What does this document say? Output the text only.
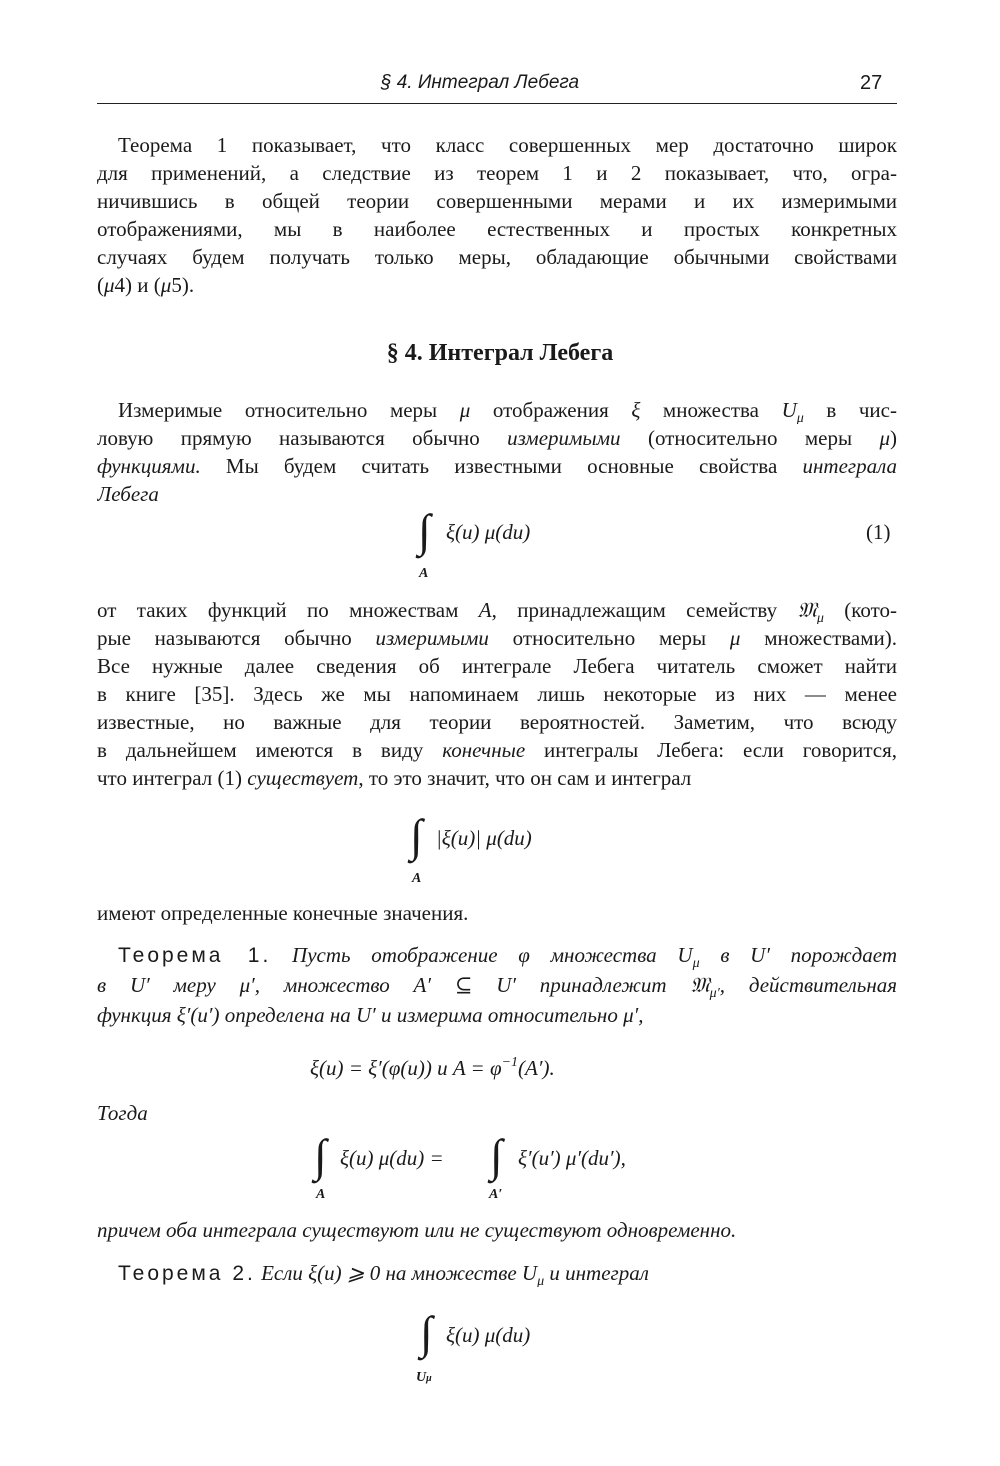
§ 4. Интеграл Лебега	27
Теорема 1 показывает, что класс совершенных мер достаточно широк
для применений, а следствие из теорем 1 и 2 показывает, что, огра-
ничившись в общей теории совершенными мерами и их измеримыми
отображениями, мы в наиболее естественных и простых конкретных
случаях будем получать только меры, обладающие обычными свойствами
(μ4) и (μ5).
§ 4. Интеграл Лебега
Измеримые относительно меры μ отображения ξ множества $U_\mu$ в чис-
ловую прямую называются обычно измеримыми (относительно меры μ)
функциями. Мы будем считать известными основные свойства интеграла
Лебега
∫
A
ξ(u) μ(du)	(1)
от таких функций по множествам A, принадлежащим семейству 𝔐$_\mu$ (кото-
рые называются обычно измеримыми относительно меры μ множествами).
Все нужные далее сведения об интеграле Лебега читатель сможет найти
в книге [35]. Здесь же мы напоминаем лишь некоторые из них — менее
известные, но важные для теории вероятностей. Заметим, что всюду
в дальнейшем имеются в виду конечные интегралы Лебега: если говорится,
что интеграл (1) существует, то это значит, что он сам и интеграл
∫
A
|ξ(u)| μ(du)
имеют определенные конечные значения.
Теорема 1. Пусть отображение φ множества $U_\mu$ в U′ порождает
в U′ меру μ′, множество A′ ⊆ U′ принадлежит 𝔐$_{\mu'}$, действительная
функция ξ′(u′) определена на U′ и измерима относительно μ′,
ξ(u) = ξ′(φ(u)) и $A = \varphi^{-1}(A')$.
Тогда
∫
A
ξ(u) μ(du) = ∫
A′
ξ′(u′) μ′(du′),
причем оба интеграла существуют или не существуют одновременно.
Теорема 2. Если ξ(u) ⩾ 0 на множестве $U_\mu$ и интеграл
∫
Uμ
ξ(u) μ(du)
